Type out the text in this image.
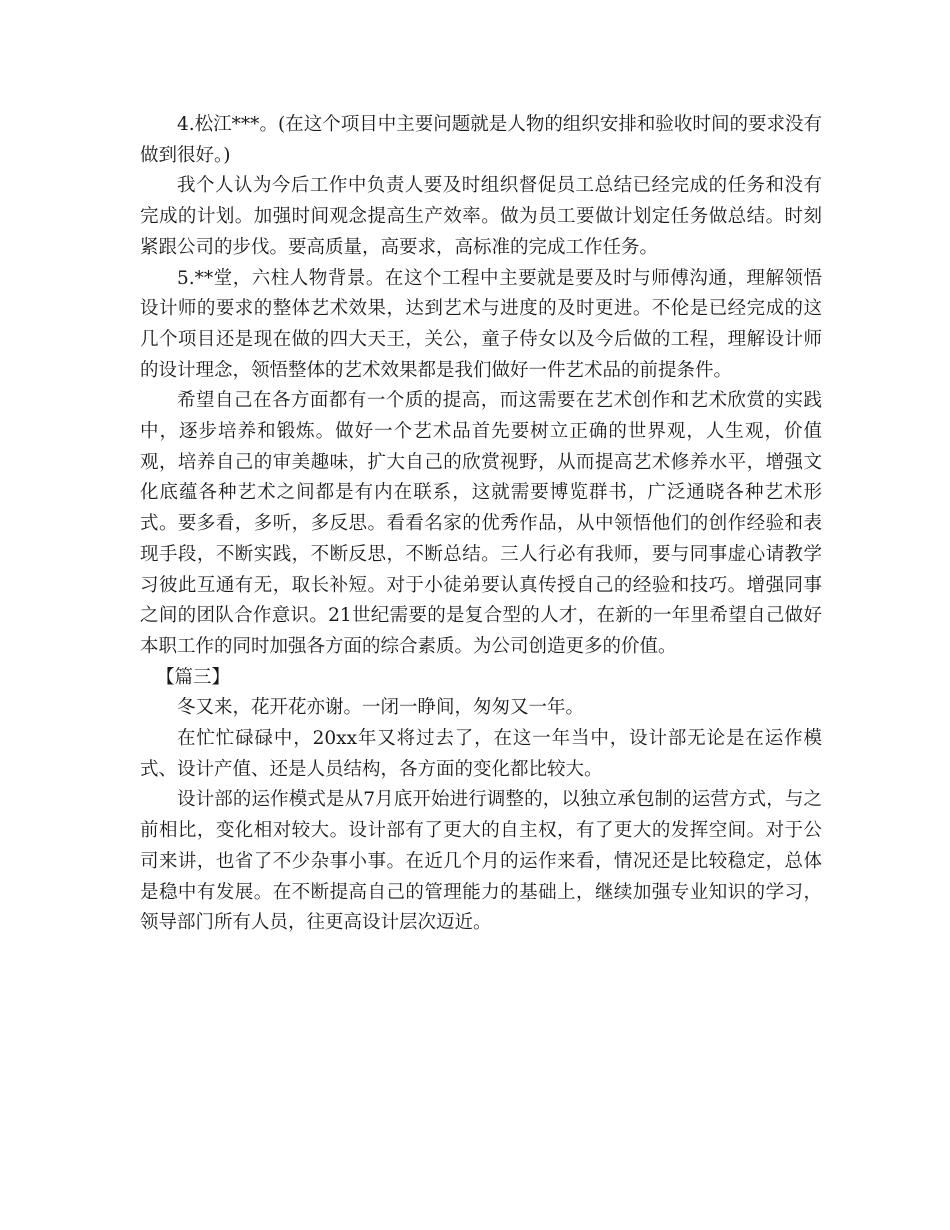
4.松江***。(在这个项目中主要问题就是人物的组织安排和验收时间的要求没有做到很好。)

我个人认为今后工作中负责人要及时组织督促员工总结已经完成的任务和没有完成的计划。加强时间观念提高生产效率。做为员工要做计划定任务做总结。时刻紧跟公司的步伐。要高质量，高要求，高标准的完成工作任务。

5.**堂，六柱人物背景。在这个工程中主要就是要及时与师傅沟通，理解领悟设计师的要求的整体艺术效果，达到艺术与进度的及时更进。不伦是已经完成的这几个项目还是现在做的四大天王，关公，童子侍女以及今后做的工程，理解设计师的设计理念，领悟整体的艺术效果都是我们做好一件艺术品的前提条件。

希望自己在各方面都有一个质的提高，而这需要在艺术创作和艺术欣赏的实践中，逐步培养和锻炼。做好一个艺术品首先要树立正确的世界观，人生观，价值观，培养自己的审美趣味，扩大自己的欣赏视野，从而提高艺术修养水平，增强文化底蕴各种艺术之间都是有内在联系，这就需要博览群书，广泛通晓各种艺术形式。要多看，多听，多反思。看看名家的优秀作品，从中领悟他们的创作经验和表现手段，不断实践，不断反思，不断总结。三人行必有我师，要与同事虚心请教学习彼此互通有无，取长补短。对于小徒弟要认真传授自己的经验和技巧。增强同事之间的团队合作意识。21世纪需要的是复合型的人才，在新的一年里希望自己做好本职工作的同时加强各方面的综合素质。为公司创造更多的价值。

【篇三】

冬又来，花开花亦谢。一闭一睁间，匆匆又一年。

在忙忙碌碌中，20xx年又将过去了，在这一年当中，设计部无论是在运作模式、设计产值、还是人员结构，各方面的变化都比较大。

设计部的运作模式是从7月底开始进行调整的，以独立承包制的运营方式，与之前相比，变化相对较大。设计部有了更大的自主权，有了更大的发挥空间。对于公司来讲，也省了不少杂事小事。在近几个月的运作来看，情况还是比较稳定，总体是稳中有发展。在不断提高自己的管理能力的基础上，继续加强专业知识的学习，领导部门所有人员，往更高设计层次迈近。
